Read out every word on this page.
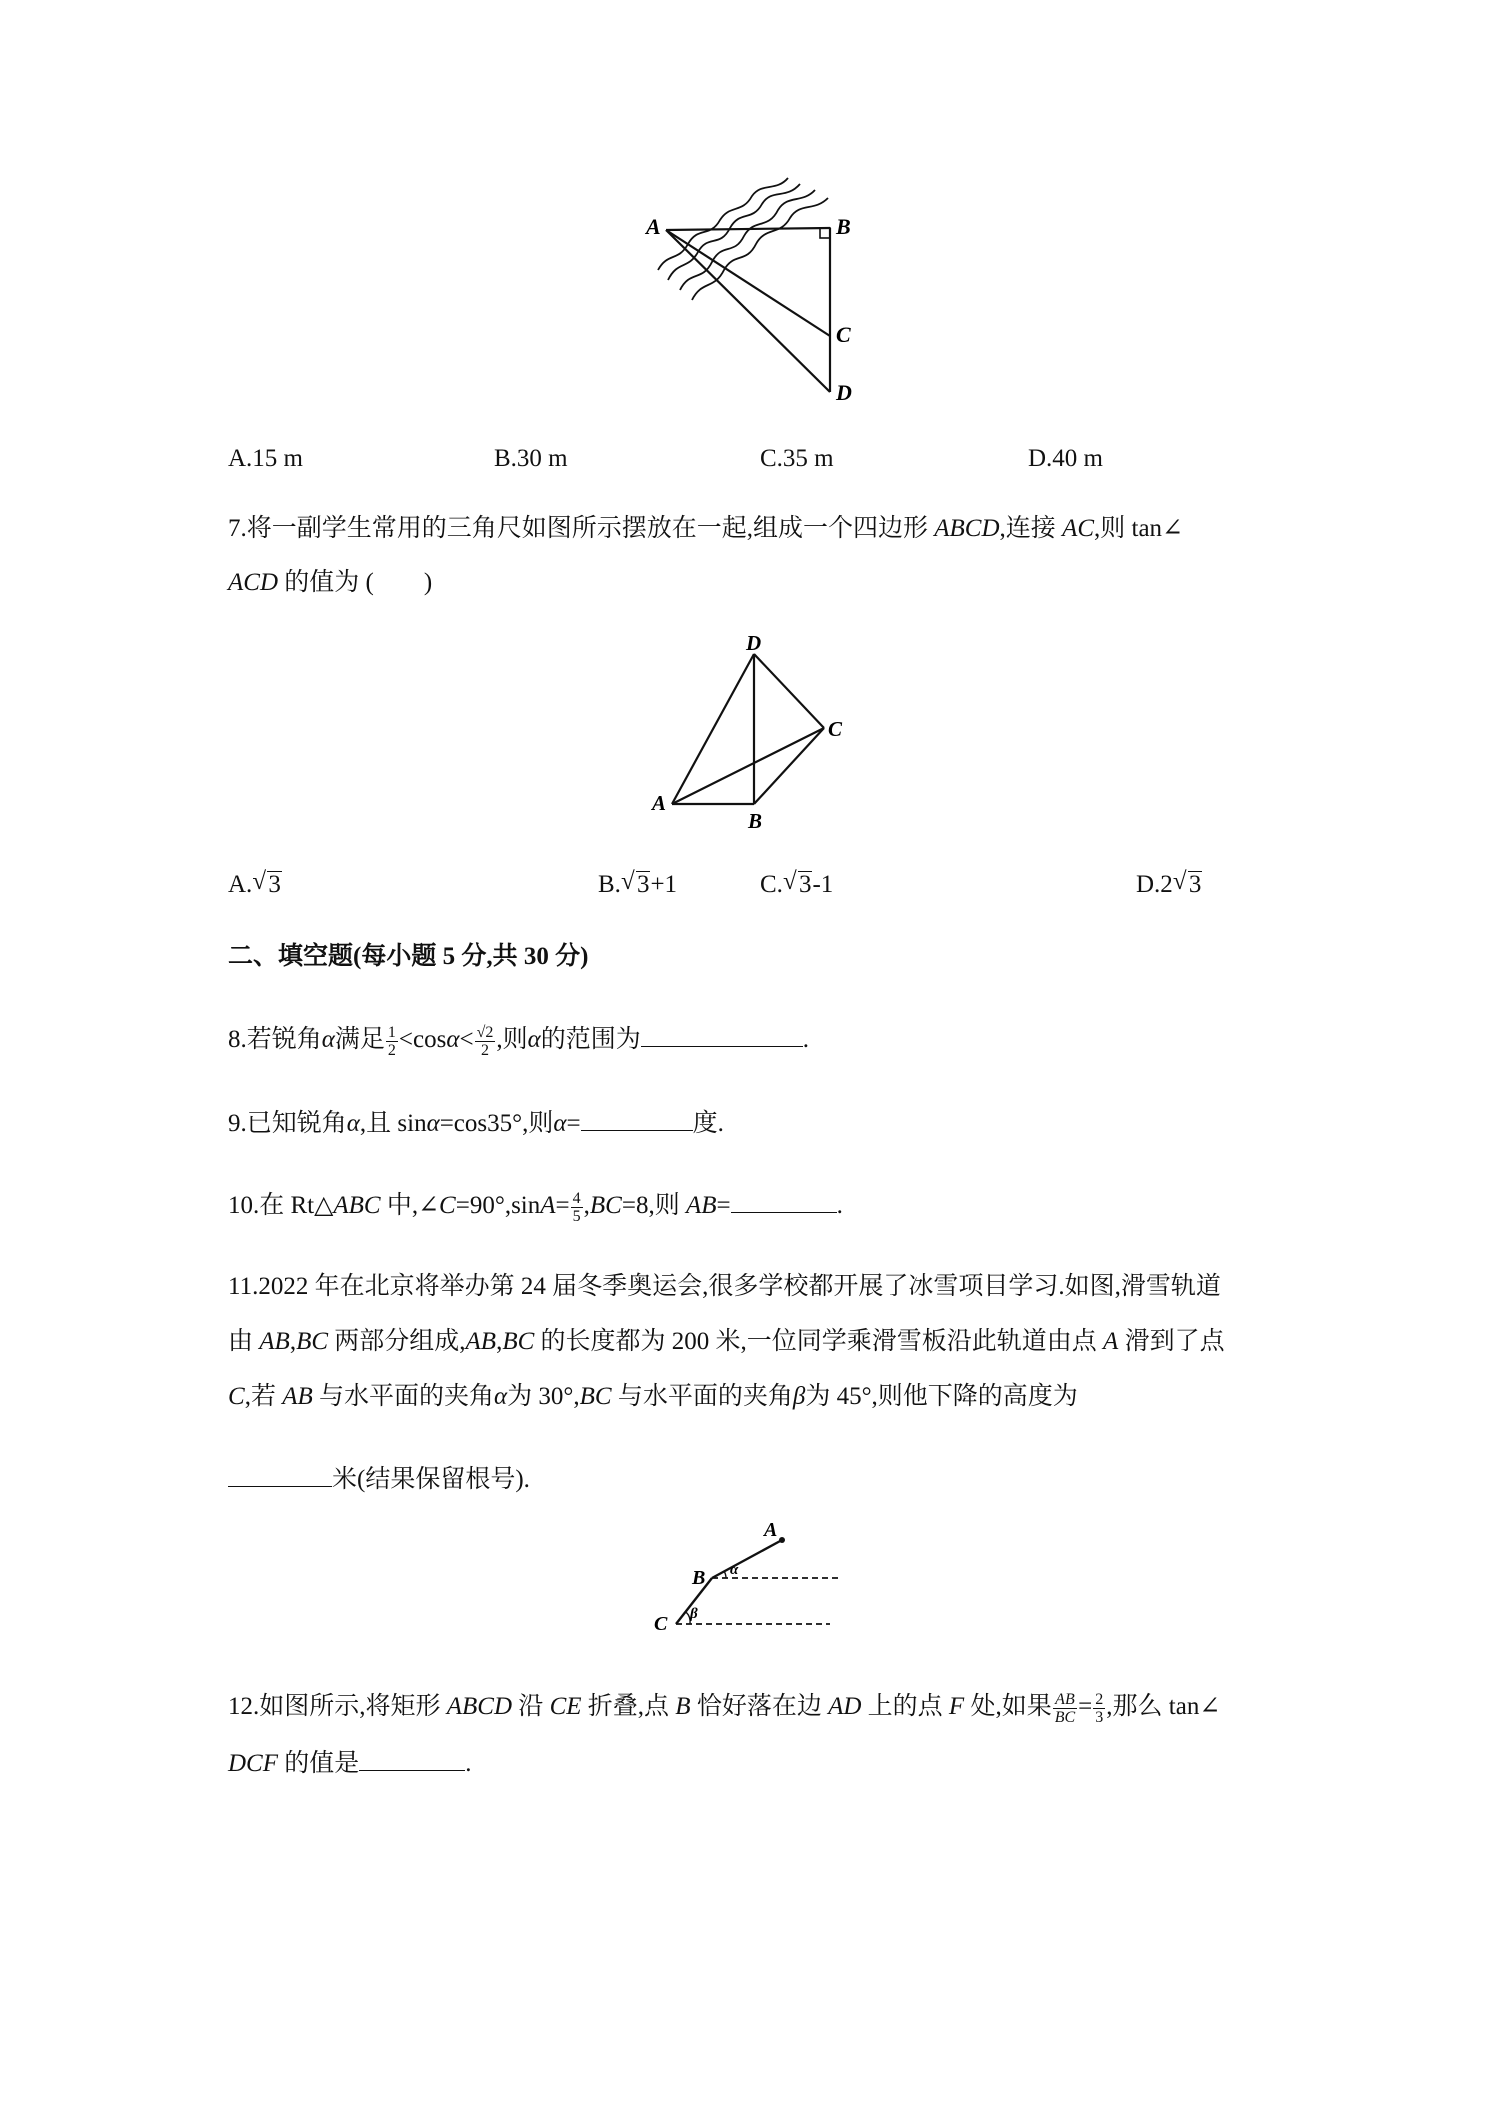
A	B
C
D
A.15 m	B.30 m	C.35 m	D.40 m
7.将一副学生常用的三角尺如图所示摆放在一起,组成一个四边形 ABCD,连接 AC,则 tan∠
ACD 的值为 (　　)
D
C
A
B
A. √ 3	B. √ 3+1	C. √ 3-1	D.2 √ 3
二、填空题(每小题 5 分,共 30 分)
8.若锐角α满足 $\frac{1}{2} <\cos\alpha< \frac{√2}{2}$ ,则α的范围为	.
9.已知锐角α,且 sinα=cos35°,则α=	度.
10.在 Rt△ABC 中,∠C=90°,sinA= $\frac{4}{5} ,BC=8$,则 AB=	.
11.2022 年在北京将举办第 24 届冬季奥运会,很多学校都开展了冰雪项目学习.如图,滑雪轨道
由 AB,BC 两部分组成,AB,BC 的长度都为 200 米,一位同学乘滑雪板沿此轨道由点 A 滑到了点
C,若 AB 与水平面的夹角α为 30°,BC 与水平面的夹角β为 45°,则他下降的高度为
米(结果保留根号).
A
B
C
α
β
12.如图所示,将矩形 ABCD 沿 CE 折叠,点 B 恰好落在边 AD 上的点 F 处,如果 $\frac{AB}{BC} = \frac{2}{3}$ ,那么 tan∠
DCF 的值是	.
